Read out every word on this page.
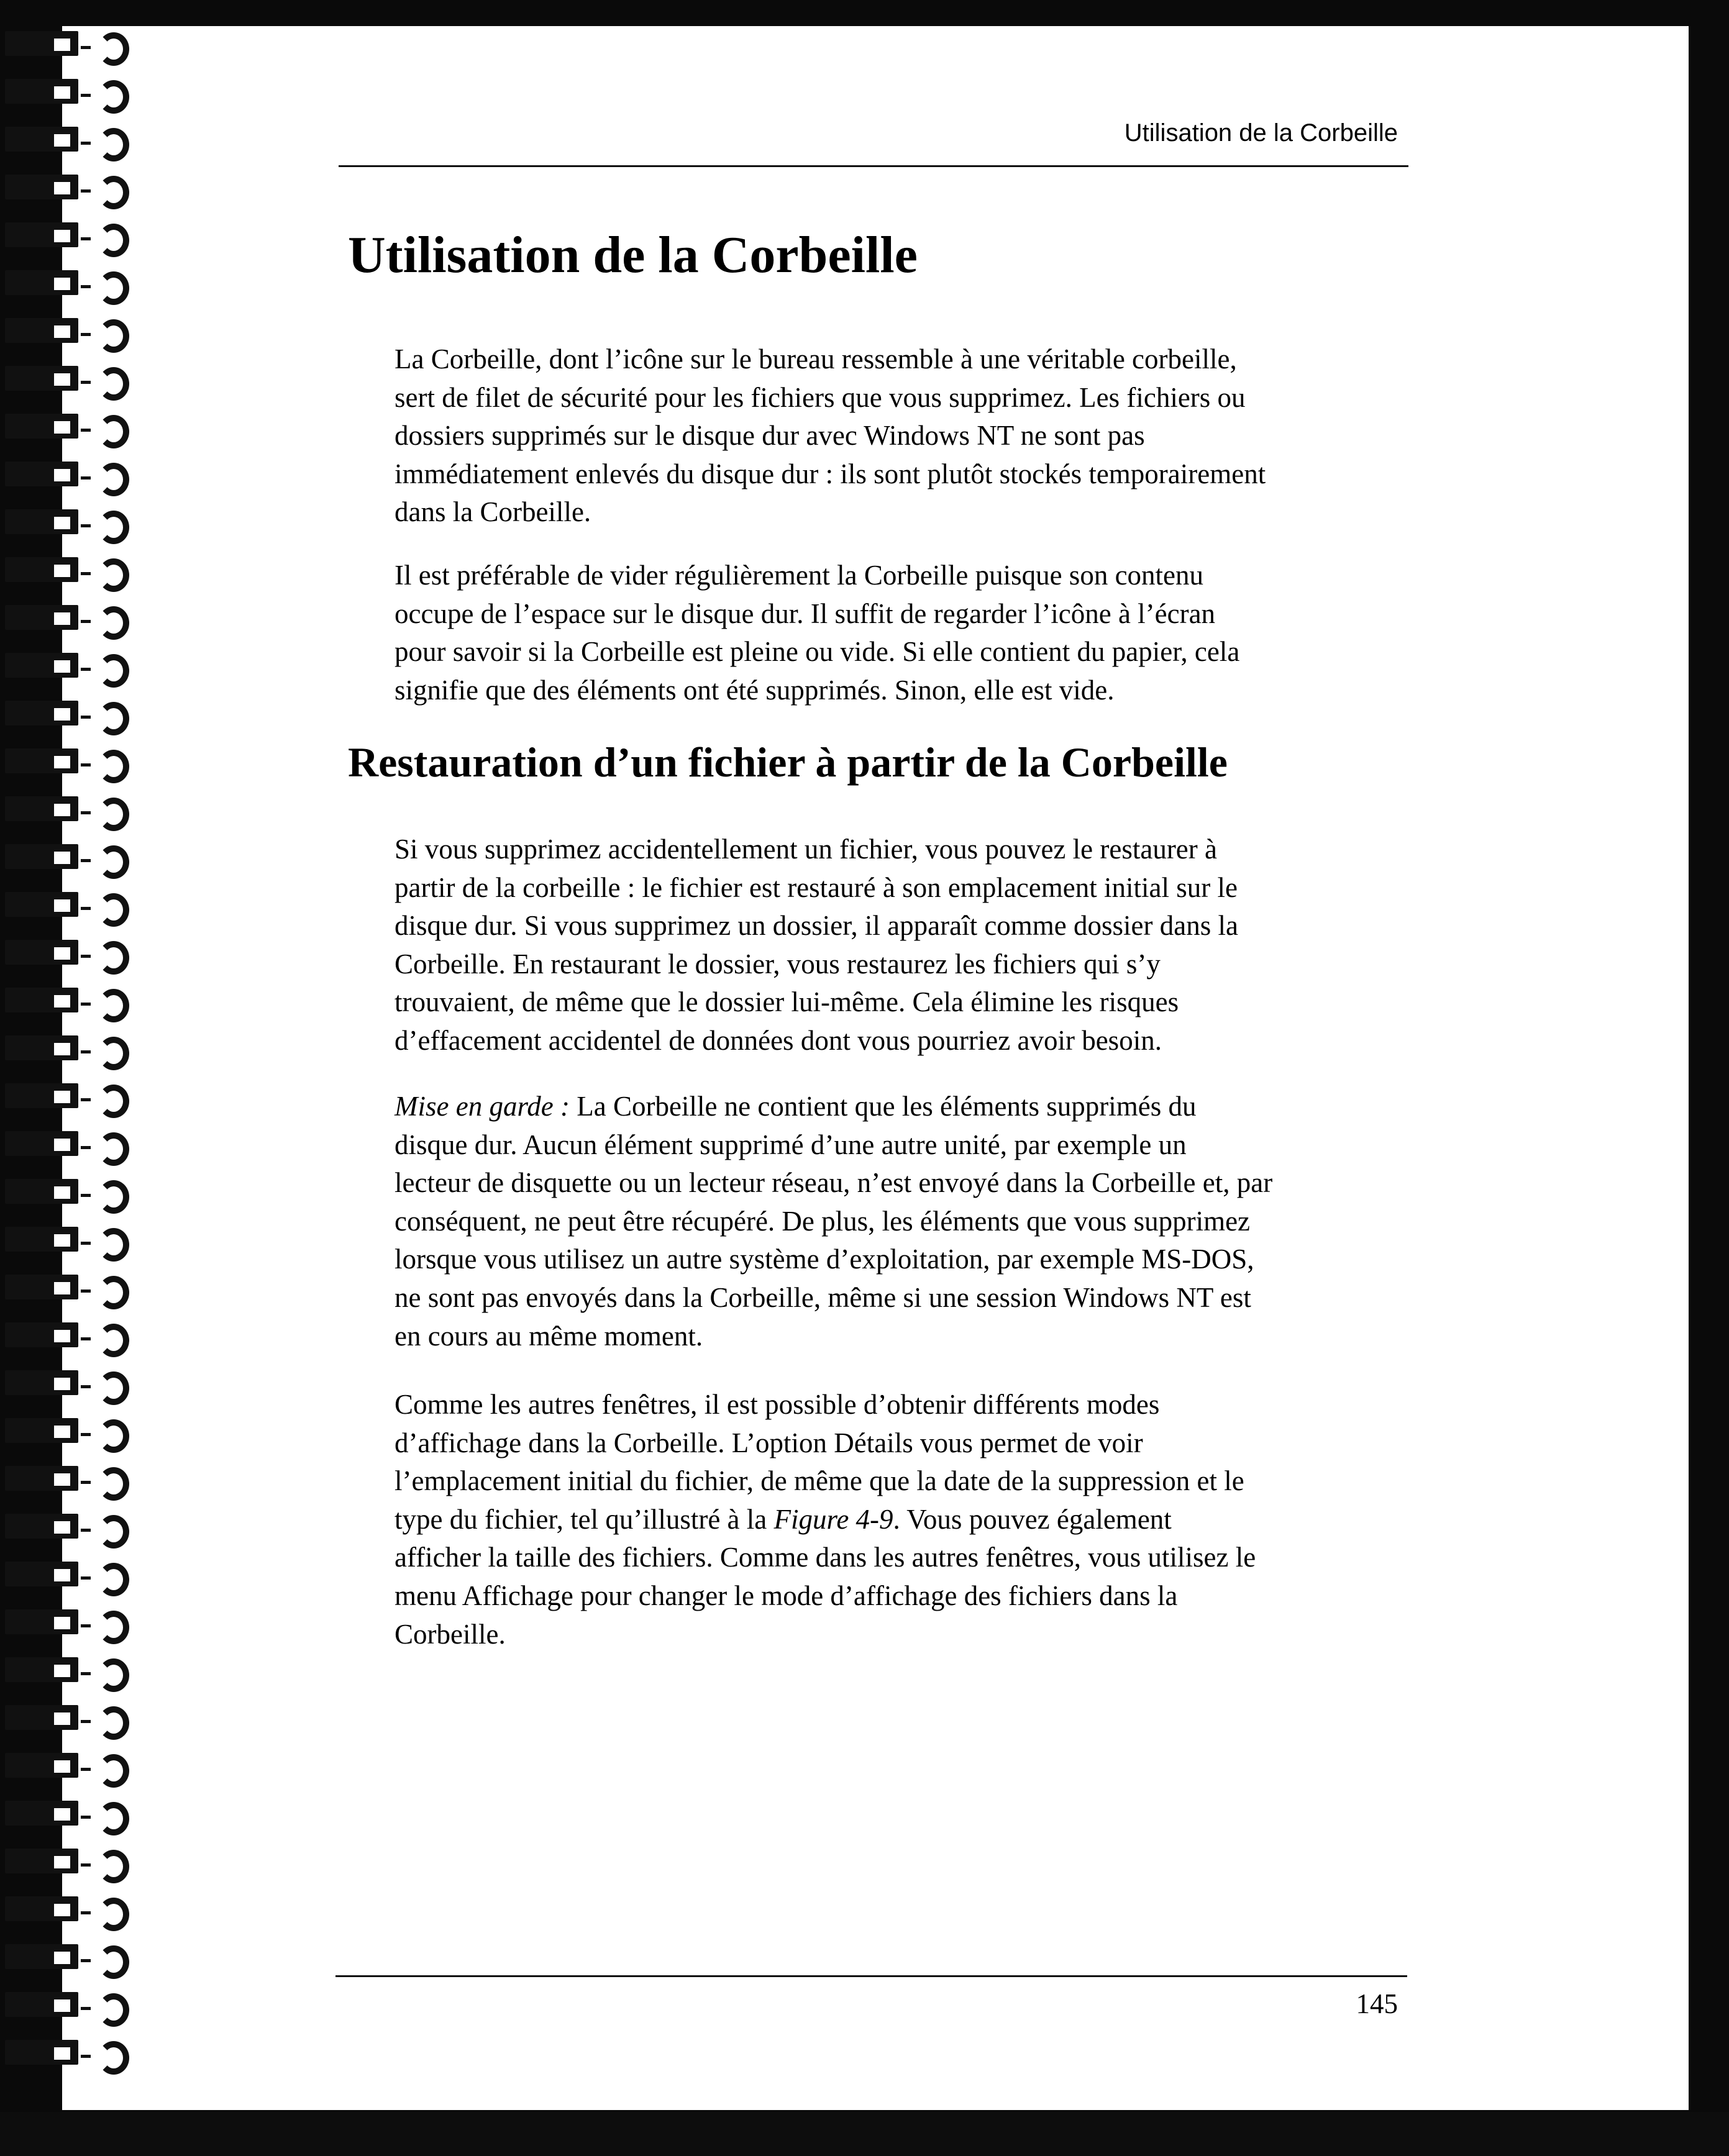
Utilisation de la Corbeille
Utilisation de la Corbeille
La Corbeille, dont l’icône sur le bureau ressemble à une véritable corbeille,
sert de filet de sécurité pour les fichiers que vous supprimez. Les fichiers ou
dossiers supprimés sur le disque dur avec Windows NT ne sont pas
immédiatement enlevés du disque dur : ils sont plutôt stockés temporairement
dans la Corbeille.
Il est préférable de vider régulièrement la Corbeille puisque son contenu
occupe de l’espace sur le disque dur. Il suffit de regarder l’icône à l’écran
pour savoir si la Corbeille est pleine ou vide. Si elle contient du papier, cela
signifie que des éléments ont été supprimés. Sinon, elle est vide.
Restauration d’un fichier à partir de la Corbeille
Si vous supprimez accidentellement un fichier, vous pouvez le restaurer à
partir de la corbeille : le fichier est restauré à son emplacement initial sur le
disque dur. Si vous supprimez un dossier, il apparaît comme dossier dans la
Corbeille. En restaurant le dossier, vous restaurez les fichiers qui s’y
trouvaient, de même que le dossier lui-même. Cela élimine les risques
d’effacement accidentel de données dont vous pourriez avoir besoin.
Mise en garde : La Corbeille ne contient que les éléments supprimés du
disque dur. Aucun élément supprimé d’une autre unité, par exemple un
lecteur de disquette ou un lecteur réseau, n’est envoyé dans la Corbeille et, par
conséquent, ne peut être récupéré. De plus, les éléments que vous supprimez
lorsque vous utilisez un autre système d’exploitation, par exemple MS-DOS,
ne sont pas envoyés dans la Corbeille, même si une session Windows NT est
en cours au même moment.
Comme les autres fenêtres, il est possible d’obtenir différents modes
d’affichage dans la Corbeille. L’option Détails vous permet de voir
l’emplacement initial du fichier, de même que la date de la suppression et le
type du fichier, tel qu’illustré à la Figure 4-9. Vous pouvez également
afficher la taille des fichiers. Comme dans les autres fenêtres, vous utilisez le
menu Affichage pour changer le mode d’affichage des fichiers dans la
Corbeille.
145
